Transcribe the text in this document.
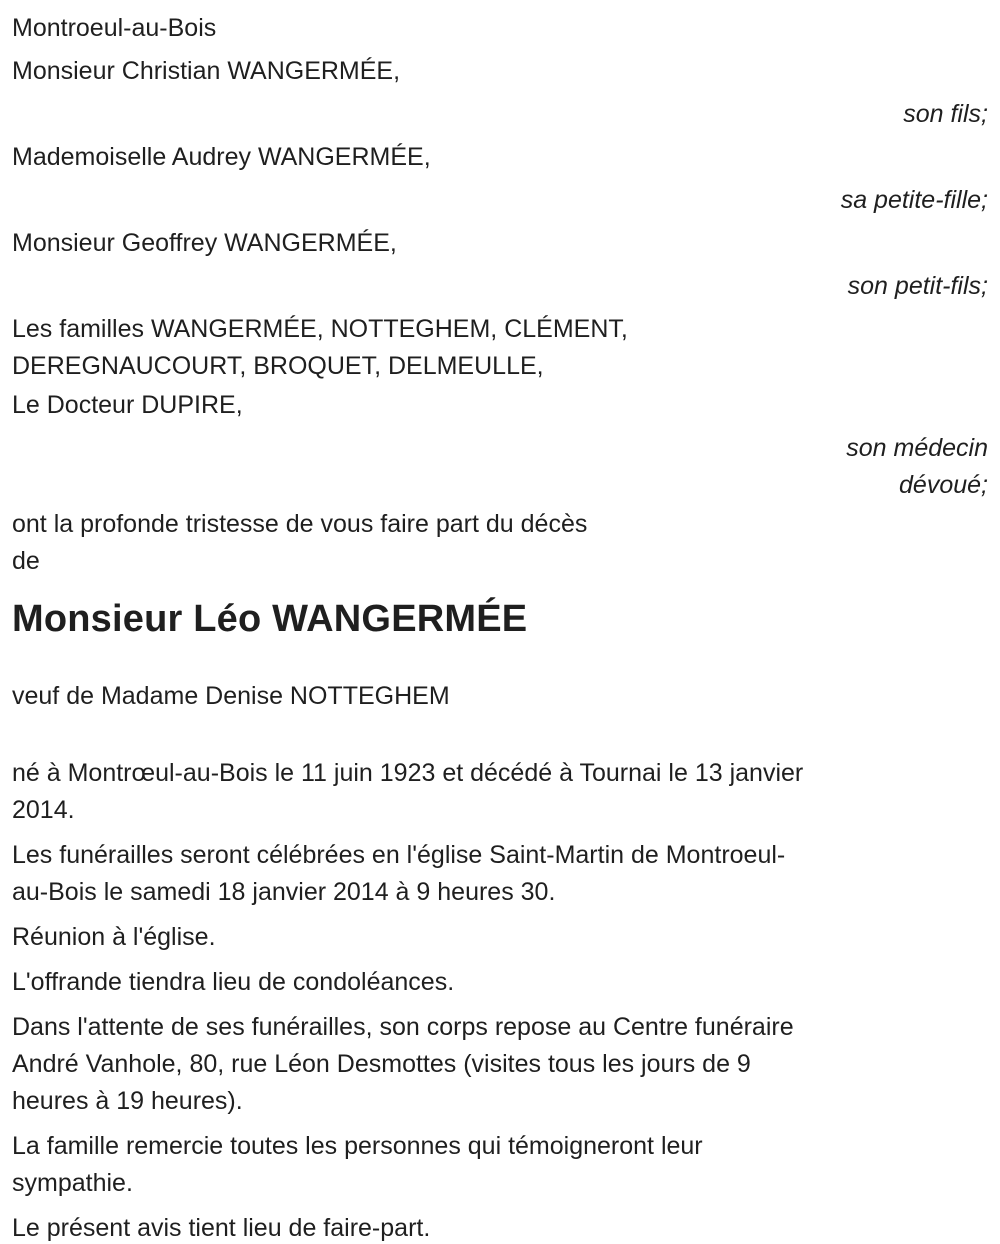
Montroeul-au-Bois
Monsieur Christian WANGERMÉE,
son fils;
Mademoiselle Audrey WANGERMÉE,
sa petite-fille;
Monsieur Geoffrey WANGERMÉE,
son petit-fils;
Les familles WANGERMÉE, NOTTEGHEM, CLÉMENT,
DEREGNAUCOURT, BROQUET, DELMEULLE,
Le Docteur DUPIRE,
son médecin
dévoué;
ont la profonde tristesse de vous faire part du décès
de
Monsieur Léo WANGERMÉE
veuf de Madame Denise NOTTEGHEM
né à Montrœul-au-Bois le 11 juin 1923 et décédé à Tournai le 13 janvier
2014.
Les funérailles seront célébrées en l'église Saint-Martin de Montroeul-
au-Bois le samedi 18 janvier 2014 à 9 heures 30.
Réunion à l'église.
L'offrande tiendra lieu de condoléances.
Dans l'attente de ses funérailles, son corps repose au Centre funéraire
André Vanhole, 80, rue Léon Desmottes (visites tous les jours de 9
heures à 19 heures).
La famille remercie toutes les personnes qui témoigneront leur
sympathie.
Le présent avis tient lieu de faire-part.
